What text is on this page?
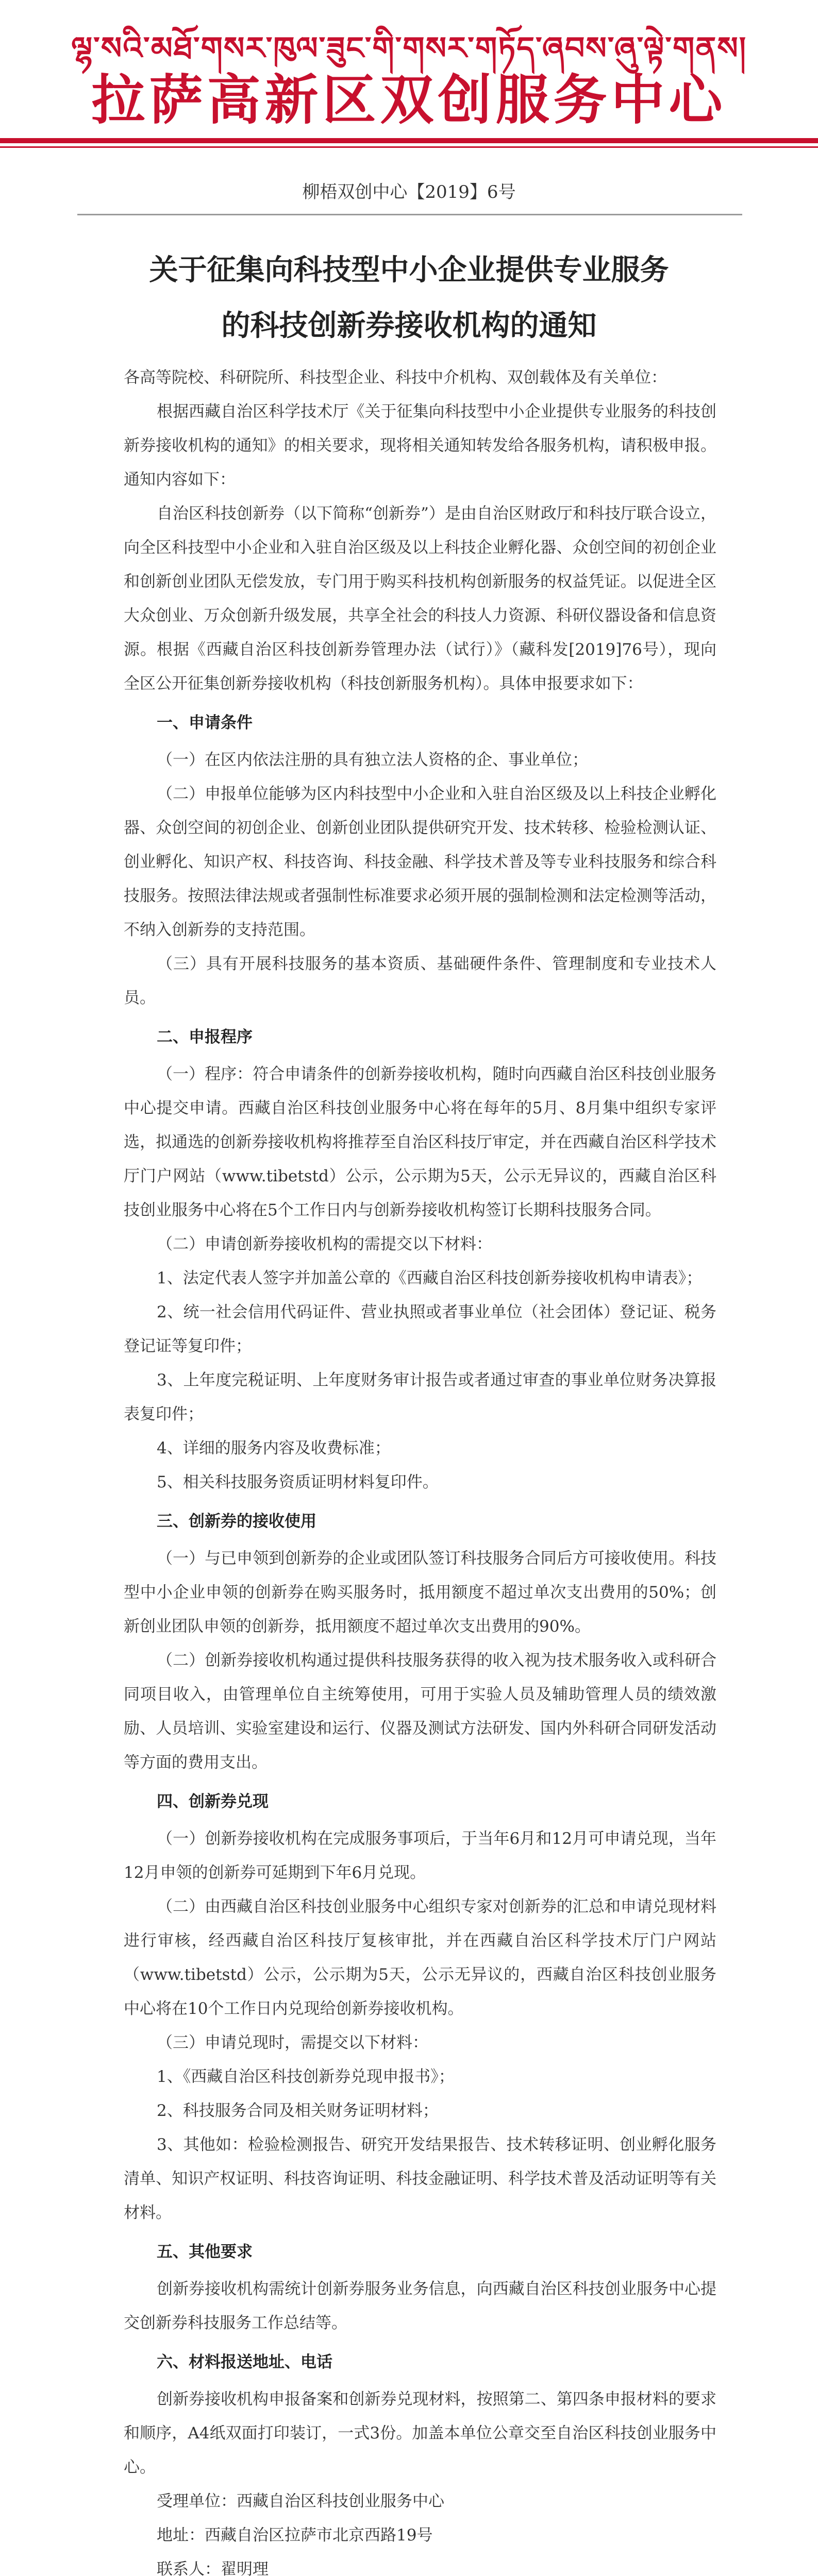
ལྷ་སའི་མཐོ་གསར་ཁུལ་ཟུང་གི་གསར་གཏོད་ཞབས་ཞུ་ལྟེ་གནས།
拉萨高新区双创服务中心
柳梧双创中心【2019】6号
关于征集向科技型中小企业提供专业服务
的科技创新券接收机构的通知

各高等院校、科研院所、科技型企业、科技中介机构、双创载体及有关单位：

根据西藏自治区科学技术厅《关于征集向科技型中小企业提供专业服务的科技创新券接收机构的通知》的相关要求，现将相关通知转发给各服务机构，请积极申报。通知内容如下：

自治区科技创新券（以下简称“创新券”）是由自治区财政厅和科技厅联合设立，向全区科技型中小企业和入驻自治区级及以上科技企业孵化器、众创空间的初创企业和创新创业团队无偿发放，专门用于购买科技机构创新服务的权益凭证。以促进全区大众创业、万众创新升级发展，共享全社会的科技人力资源、科研仪器设备和信息资源。根据《西藏自治区科技创新券管理办法（试行）》（藏科发[2019]76号），现向全区公开征集创新券接收机构（科技创新服务机构）。具体申报要求如下：

一、申请条件

（一）在区内依法注册的具有独立法人资格的企、事业单位；

（二）申报单位能够为区内科技型中小企业和入驻自治区级及以上科技企业孵化器、众创空间的初创企业、创新创业团队提供研究开发、技术转移、检验检测认证、创业孵化、知识产权、科技咨询、科技金融、科学技术普及等专业科技服务和综合科技服务。按照法律法规或者强制性标准要求必须开展的强制检测和法定检测等活动，不纳入创新券的支持范围。

（三）具有开展科技服务的基本资质、基础硬件条件、管理制度和专业技术人员。

二、申报程序

（一）程序：符合申请条件的创新券接收机构，随时向西藏自治区科技创业服务中心提交申请。西藏自治区科技创业服务中心将在每年的5月、8月集中组织专家评选，拟通选的创新券接收机构将推荐至自治区科技厅审定，并在西藏自治区科学技术厅门户网站（www.tibetstd）公示，公示期为5天，公示无异议的，西藏自治区科技创业服务中心将在5个工作日内与创新券接收机构签订长期科技服务合同。

（二）申请创新券接收机构的需提交以下材料：

1、法定代表人签字并加盖公章的《西藏自治区科技创新券接收机构申请表》；

2、统一社会信用代码证件、营业执照或者事业单位（社会团体）登记证、税务登记证等复印件；

3、上年度完税证明、上年度财务审计报告或者通过审查的事业单位财务决算报表复印件；

4、详细的服务内容及收费标准；

5、相关科技服务资质证明材料复印件。

三、创新券的接收使用

（一）与已申领到创新券的企业或团队签订科技服务合同后方可接收使用。科技型中小企业申领的创新券在购买服务时，抵用额度不超过单次支出费用的50%；创新创业团队申领的创新券，抵用额度不超过单次支出费用的90%。

（二）创新券接收机构通过提供科技服务获得的收入视为技术服务收入或科研合同项目收入，由管理单位自主统筹使用，可用于实验人员及辅助管理人员的绩效激励、人员培训、实验室建设和运行、仪器及测试方法研发、国内外科研合同研发活动等方面的费用支出。

四、创新券兑现

（一）创新券接收机构在完成服务事项后，于当年6月和12月可申请兑现，当年12月申领的创新券可延期到下年6月兑现。

（二）由西藏自治区科技创业服务中心组织专家对创新券的汇总和申请兑现材料进行审核，经西藏自治区科技厅复核审批，并在西藏自治区科学技术厅门户网站（www.tibetstd）公示，公示期为5天，公示无异议的，西藏自治区科技创业服务中心将在10个工作日内兑现给创新券接收机构。

（三）申请兑现时，需提交以下材料：

1、《西藏自治区科技创新券兑现申报书》；

2、科技服务合同及相关财务证明材料；

3、其他如：检验检测报告、研究开发结果报告、技术转移证明、创业孵化服务清单、知识产权证明、科技咨询证明、科技金融证明、科学技术普及活动证明等有关材料。

五、其他要求

创新券接收机构需统计创新券服务业务信息，向西藏自治区科技创业服务中心提交创新券科技服务工作总结等。

六、材料报送地址、电话

创新券接收机构申报备案和创新券兑现材料，按照第二、第四条申报材料的要求和顺序，A4纸双面打印装订，一式3份。加盖本单位公章交至自治区科技创业服务中心。

受理单位：西藏自治区科技创业服务中心

地址：西藏自治区拉萨市北京西路19号

联系人：翟明理
